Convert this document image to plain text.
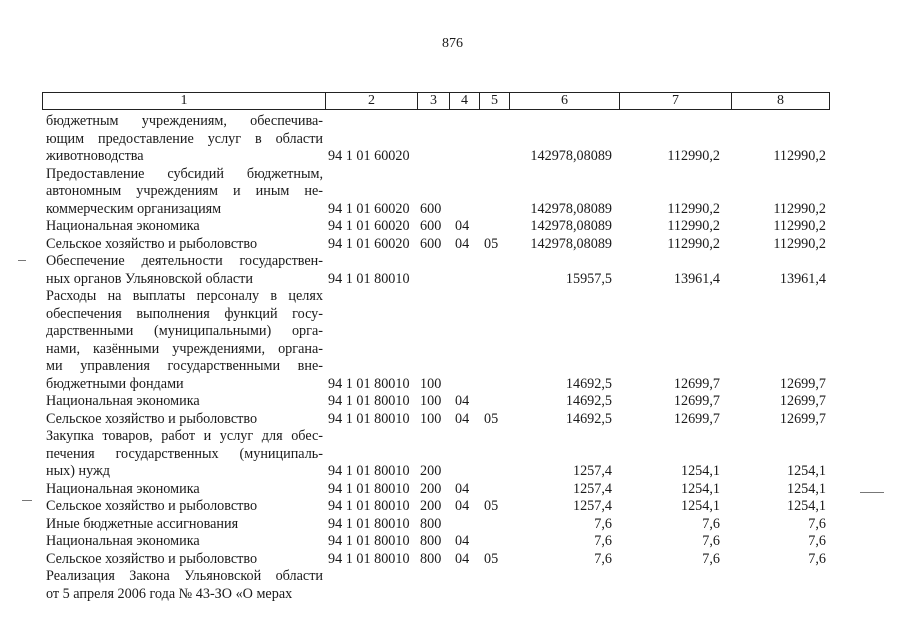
876
1	2	3	4	5	6	7	8
бюджетным учреждениям, обеспечива-
ющим предоставление услуг в области
животноводства	94 1 01 60020	142978,08089	112990,2	112990,2
Предоставление субсидий бюджетным,
автономным учреждениям и иным не-
коммерческим организациям	94 1 01 60020 600	142978,08089	112990,2	112990,2
Национальная экономика	94 1 01 60020 600 04	142978,08089	112990,2	112990,2
Сельское хозяйство и рыболовство	94 1 01 60020 600 04 05 142978,08089	112990,2	112990,2
Обеспечение деятельности государствен-
ных органов Ульяновской области	94 1 01 80010	15957,5	13961,4	13961,4
Расходы на выплаты персоналу в целях
обеспечения выполнения функций госу-
дарственными (муниципальными) орга-
нами, казёнными учреждениями, органа-
ми управления государственными вне-
бюджетными фондами	94 1 01 80010 100	14692,5	12699,7	12699,7
Национальная экономика	94 1 01 80010 100 04	14692,5	12699,7	12699,7
Сельское хозяйство и рыболовство	94 1 01 80010 100 04 05	14692,5	12699,7	12699,7
Закупка товаров, работ и услуг для обес-
печения государственных (муниципаль-
ных) нужд	94 1 01 80010 200	1257,4	1254,1	1254,1
Национальная экономика	94 1 01 80010 200 04	1257,4	1254,1	1254,1
Сельское хозяйство и рыболовство	94 1 01 80010 200 04 05	1257,4	1254,1	1254,1
Иные бюджетные ассигнования	94 1 01 80010 800	7,6	7,6	7,6
Национальная экономика	94 1 01 80010 800 04	7,6	7,6	7,6
Сельское хозяйство и рыболовство	94 1 01 80010 800 04 05	7,6	7,6	7,6
Реализация Закона Ульяновской области
от 5 апреля 2006 года № 43-ЗО «О мерах
